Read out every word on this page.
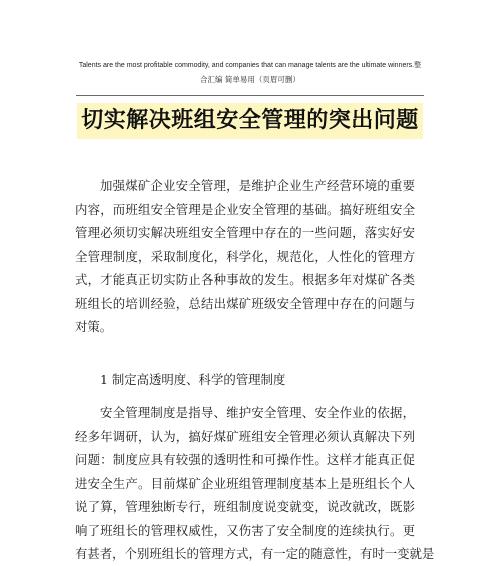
Talents are the most profitable commodity, and companies that can manage talents are the ultimate winners.整
合汇编 简单易用（页眉可删）
切实解决班组安全管理的突出问题
加强煤矿企业安全管理，是维护企业生产经营环境的重要
内容，而班组安全管理是企业安全管理的基础。搞好班组安全
管理必须切实解决班组安全管理中存在的一些问题，落实好安
全管理制度，采取制度化，科学化，规范化，人性化的管理方
式，才能真正切实防止各种事故的发生。根据多年对煤矿各类
班组长的培训经验，总结出煤矿班级安全管理中存在的问题与
对策。
1 制定高透明度、科学的管理制度
安全管理制度是指导、维护安全管理、安全作业的依据，
经多年调研，认为，搞好煤矿班组安全管理必须认真解决下列
问题：制度应具有较强的透明性和可操作性。这样才能真正促
进安全生产。目前煤矿企业班组管理制度基本上是班组长个人
说了算，管理独断专行，班组制度说变就变，说改就改，既影
响了班组长的管理权威性，又伤害了安全制度的连续执行。更
有甚者，个别班组长的管理方式，有一定的随意性，有时一变就是
